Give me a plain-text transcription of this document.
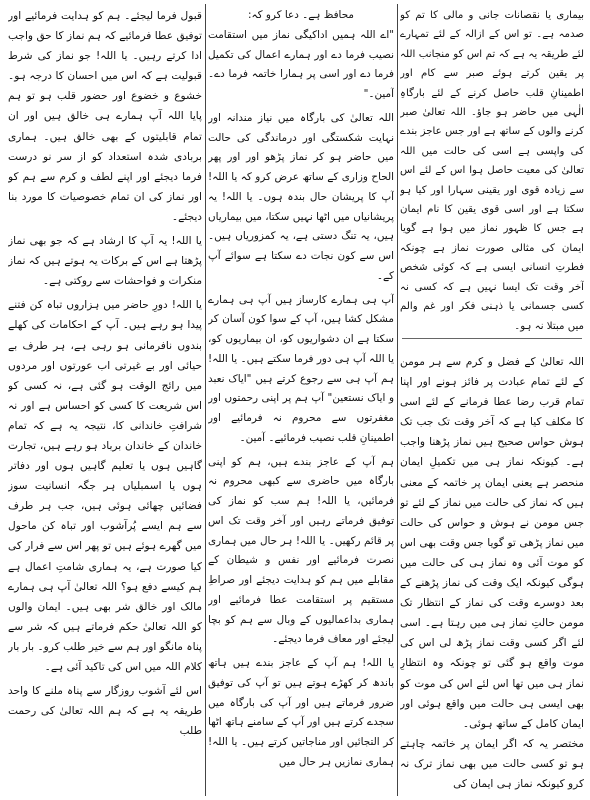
بیماری یا نقصانات جانی و مالی کا تم کو صدمہ ہے۔ تو اس کے ازالہ کے لئے تمہارے لئے طریقہ یہ ہے کہ تم اس کو منجانب اللہ پر یقین کرتے ہوئے صبر سے کام اور اطمینانِ قلب حاصل کرنے کے لئے بارگاہِ الٰہی میں حاضر ہو جاؤ۔ اللہ تعالیٰ صبر کرنے والوں کے ساتھ ہے اور جس عاجز بندے کی واپسی ہے اسی کی حالت میں اللہ تعالیٰ کی معیت حاصل ہوا اس کے لئے اس سے زیادہ قوی اور یقینی سہارا اور کیا ہو سکتا ہے اور اسی قوی یقین کا نام ایمان ہے جس کا ظہور نماز میں ہوا ہے گویا ایمان کی مثالی صورت نماز ہے چونکہ فطرتِ انسانی ایسی ہے کہ کوئی شخص آخر وقت تک ایسا نہیں ہے کہ کسی نہ کسی جسمانی یا ذہنی فکر اور غم والم میں مبتلا نہ ہو۔

اللہ تعالیٰ کے فضل و کرم سے ہر مومن کے لئے تمام عبادت پر فائز ہونے اور اپنا تمام قرب رضا عطا فرمانے کے لئے اسی کا مکلف کیا ہے کہ آخر وقت تک جب تک ہوش حواس صحیح ہیں نماز پڑھنا واجب ہے۔ کیونکہ نماز ہی میں تکمیلِ ایمان منحصر ہے یعنی ایمان پر خاتمہ کے معنی ہیں کہ نماز کی حالت میں نماز کے لئے تو جس مومن نے ہوش و حواس کی حالت میں نماز پڑھی تو گویا جس وقت بھی اس کو موت آئی وہ نماز ہی کی حالت میں ہوگی کیونکہ ایک وقت کی نماز پڑھنے کے بعد دوسرے وقت کی نماز کے انتظار تک مومن حالتِ نماز ہی میں رہتا ہے۔ اسی لئے اگر کسی وقت نماز پڑھ لی اس کی موت واقع ہو گئی تو چونکہ وہ انتظارِ نماز ہی میں تھا اس لئے اس کی موت کو بھی ایسی ہی حالت میں واقع ہوئی اور ایمان کامل کے ساتھ ہوئی۔

مختصر یہ کہ اگر ایمان پر خاتمہ چاہتے ہو تو کسی حالت میں بھی نماز ترک نہ کرو کیونکہ نماز ہی ایمان کی

محافظ ہے۔ دعا کرو کہ:

"اے اللہ ہمیں اداکیگی نماز میں استقامت نصیب فرما دے اور ہمارے اعمال کی تکمیل فرما دے اور اسی پر ہمارا خاتمہ فرما دے۔ آمین۔"

اللہ تعالیٰ کی بارگاہ میں نیاز مندانہ اور نہایت شکستگی اور درماندگی کی حالت میں حاضر ہو کر نماز پڑھو اور اور پھر الحاح وزاری کے ساتھ عرض کرو کہ یا اللہ! آپ کا پریشان حال بندہ ہوں۔ یا اللہ! یہ پریشانیاں میں اٹھا نہیں سکتا، میں بیماریاں ہیں، یہ تنگ دستی ہے، یہ کمزوریاں ہیں۔ اس سے کون نجات دے سکتا ہے سوائے آپ کے۔

آپ ہی ہمارے کارساز ہیں آپ ہی ہمارے مشکل کشا ہیں، آپ کے سوا کون آسان کر سکتا ہے ان دشواریوں کو، ان بیماریوں کو، یا اللہ آپ ہی دور فرما سکتے ہیں۔ یا اللہ! ہم آپ ہی سے رجوع کرتے ہیں "ایاک نعبد و ایاک نستعین" آپ ہم پر اپنی رحمتوں اور مغفرتوں سے محروم نہ فرمائیے اور اطمینانِ قلب نصیب فرمائیے۔ آمین۔

ہم آپ کے عاجز بندے ہیں، ہم کو اپنی بارگاہ میں حاضری سے کبھی محروم نہ فرمائیں، یا اللہ! ہم سب کو نماز کی توفیق فرماتے رہیں اور آخر وقت تک اس پر قائم رکھیں۔ یا اللہ! ہر حال میں ہماری نصرت فرمائیے اور نفس و شیطان کے مقابلے میں ہم کو ہدایت دیجئے اور صراطِ مستقیم پر استقامت عطا فرمائیے اور ہماری بداعمالیوں کے وبال سے ہم کو بچا لیجئے اور معاف فرما دیجئے۔

یا اللہ! ہم آپ کے عاجز بندے ہیں ہاتھ باندھ کر کھڑے ہوتے ہیں تو آپ کی توفیق ضرور فرماتے ہیں اور آپ کی بارگاہ میں سجدے کرتے ہیں اور آپ کے سامنے ہاتھ اٹھا کر التجائیں اور مناجاتیں کرتے ہیں۔ یا اللہ! ہماری نمازیں ہر حال میں

قبول فرما لیجئے۔ ہم کو ہدایت فرمائیے اور توفیق عطا فرمائیے کہ ہم نماز کا حق واجب ادا کرتے رہیں۔ یا اللہ! جو نماز کی شرط قبولیت ہے کہ اس میں احسان کا درجہ ہو۔ خشوع و خضوع اور حضور قلب ہو تو ہم پایا اللہ آپ ہمارے ہی خالق ہیں اور ان تمام قابلیتوں کے بھی خالق ہیں۔ ہماری بربادی شدہ استعداد کو از سر نو درست فرما دیجئے اور اپنے لطف و کرم سے ہم کو اور نماز کی ان تمام خصوصیات کا مورد بنا دیجئے۔

یا اللہ! یہ آپ کا ارشاد ہے کہ جو بھی نماز پڑھتا ہے اس کے برکات یہ ہوتے ہیں کہ نماز منکرات و فواحشات سے روکتی ہے۔

یا اللہ! دورِ حاضر میں ہزاروں تباہ کن فتنے پیدا ہو رہے ہیں۔ آپ کے احکامات کی کھلے بندوں نافرمانی ہو رہی ہے، ہر طرف بے حیائی اور بے غیرتی اب عورتوں اور مردوں میں رائج الوقت ہو گئی ہے، نہ کسی کو اس شریعت کا کسی کو احساس ہے اور نہ شرافتِ خاندانی کا، نتیجہ یہ ہے کہ تمام خاندان کے خاندان برباد ہو رہے ہیں، تجارت گاہیں ہوں یا تعلیم گاہیں ہوں اور دفاتر ہوں یا اسمبلیاں ہر جگہ انسانیت سوز فضائیں چھائی ہوئی ہیں، جب ہر طرف سے ہم ایسے پُرآشوب اور تباہ کن ماحول میں گھرے ہوئے ہیں تو پھر اس سے فرار کی کیا صورت ہے، یہ ہماری شامتِ اعمال ہے ہم کیسے دفع ہو؟ اللہ تعالیٰ آپ ہی ہمارے مالک اور خالق شر بھی ہیں۔ ایمان والوں کو اللہ تعالیٰ حکم فرماتے ہیں کہ شر سے پناہ مانگو اور ہم سے خیر طلب کرو۔ بار بار کلام اللہ میں اس کی تاکید آئی ہے۔

اس لئے آشوب روزگار سے پناہ ملنے کا واحد طریقہ یہ ہے کہ ہم اللہ تعالیٰ کی رحمت طلب
